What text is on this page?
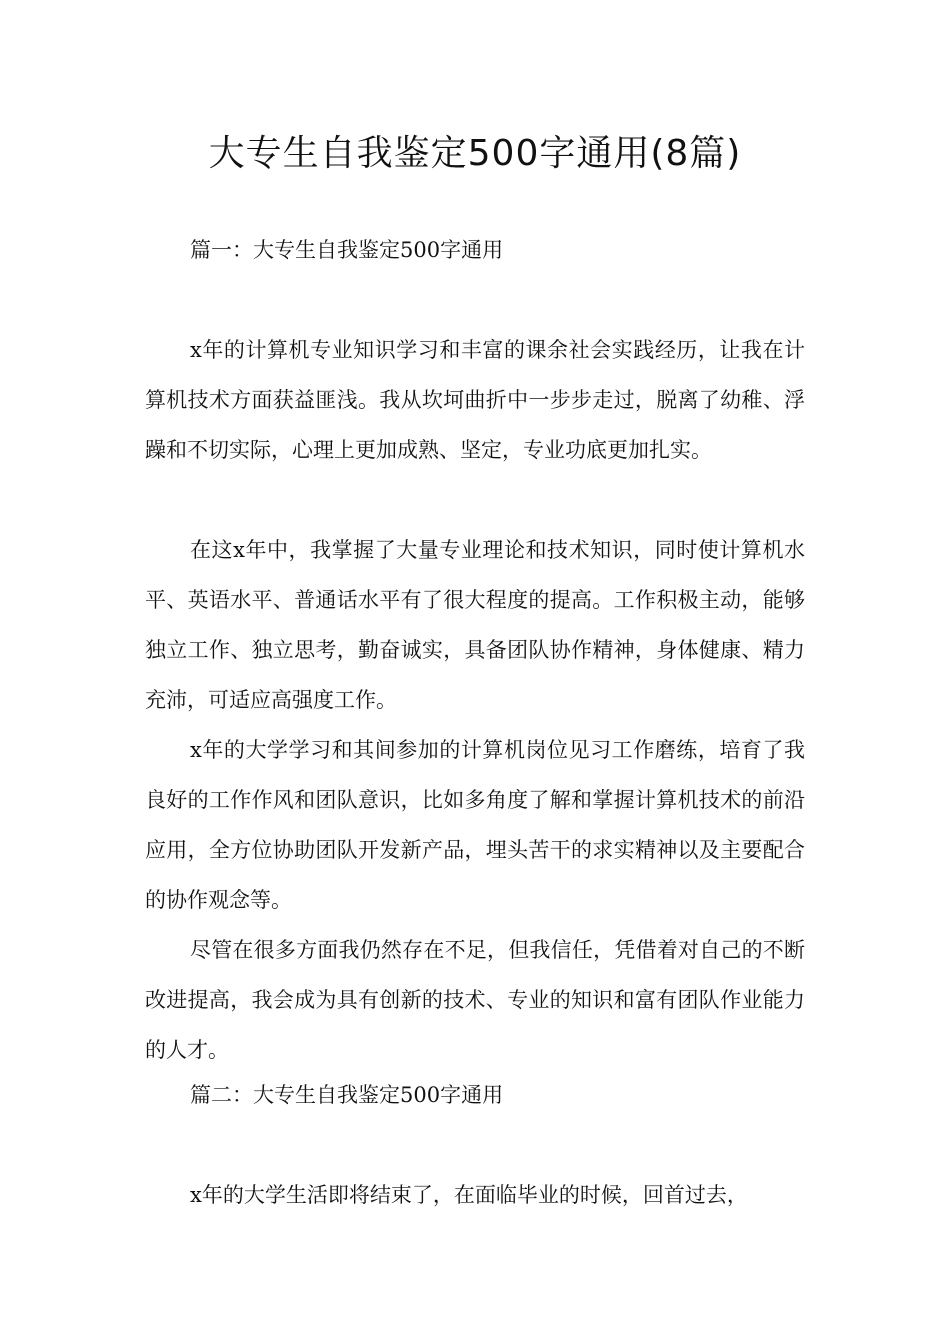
大专生自我鉴定500字通用(8篇)
篇一：大专生自我鉴定500字通用

x年的计算机专业知识学习和丰富的课余社会实践经历，让我在计算机技术方面获益匪浅。我从坎坷曲折中一步步走过，脱离了幼稚、浮躁和不切实际，心理上更加成熟、坚定，专业功底更加扎实。

在这x年中，我掌握了大量专业理论和技术知识，同时使计算机水平、英语水平、普通话水平有了很大程度的提高。工作积极主动，能够独立工作、独立思考，勤奋诚实，具备团队协作精神，身体健康、精力充沛，可适应高强度工作。

x年的大学学习和其间参加的计算机岗位见习工作磨练，培育了我良好的工作作风和团队意识，比如多角度了解和掌握计算机技术的前沿应用，全方位协助团队开发新产品，埋头苦干的求实精神以及主要配合的协作观念等。

尽管在很多方面我仍然存在不足，但我信任，凭借着对自己的不断改进提高，我会成为具有创新的技术、专业的知识和富有团队作业能力的人才。

篇二：大专生自我鉴定500字通用

x年的大学生活即将结束了，在面临毕业的时候，回首过去，
